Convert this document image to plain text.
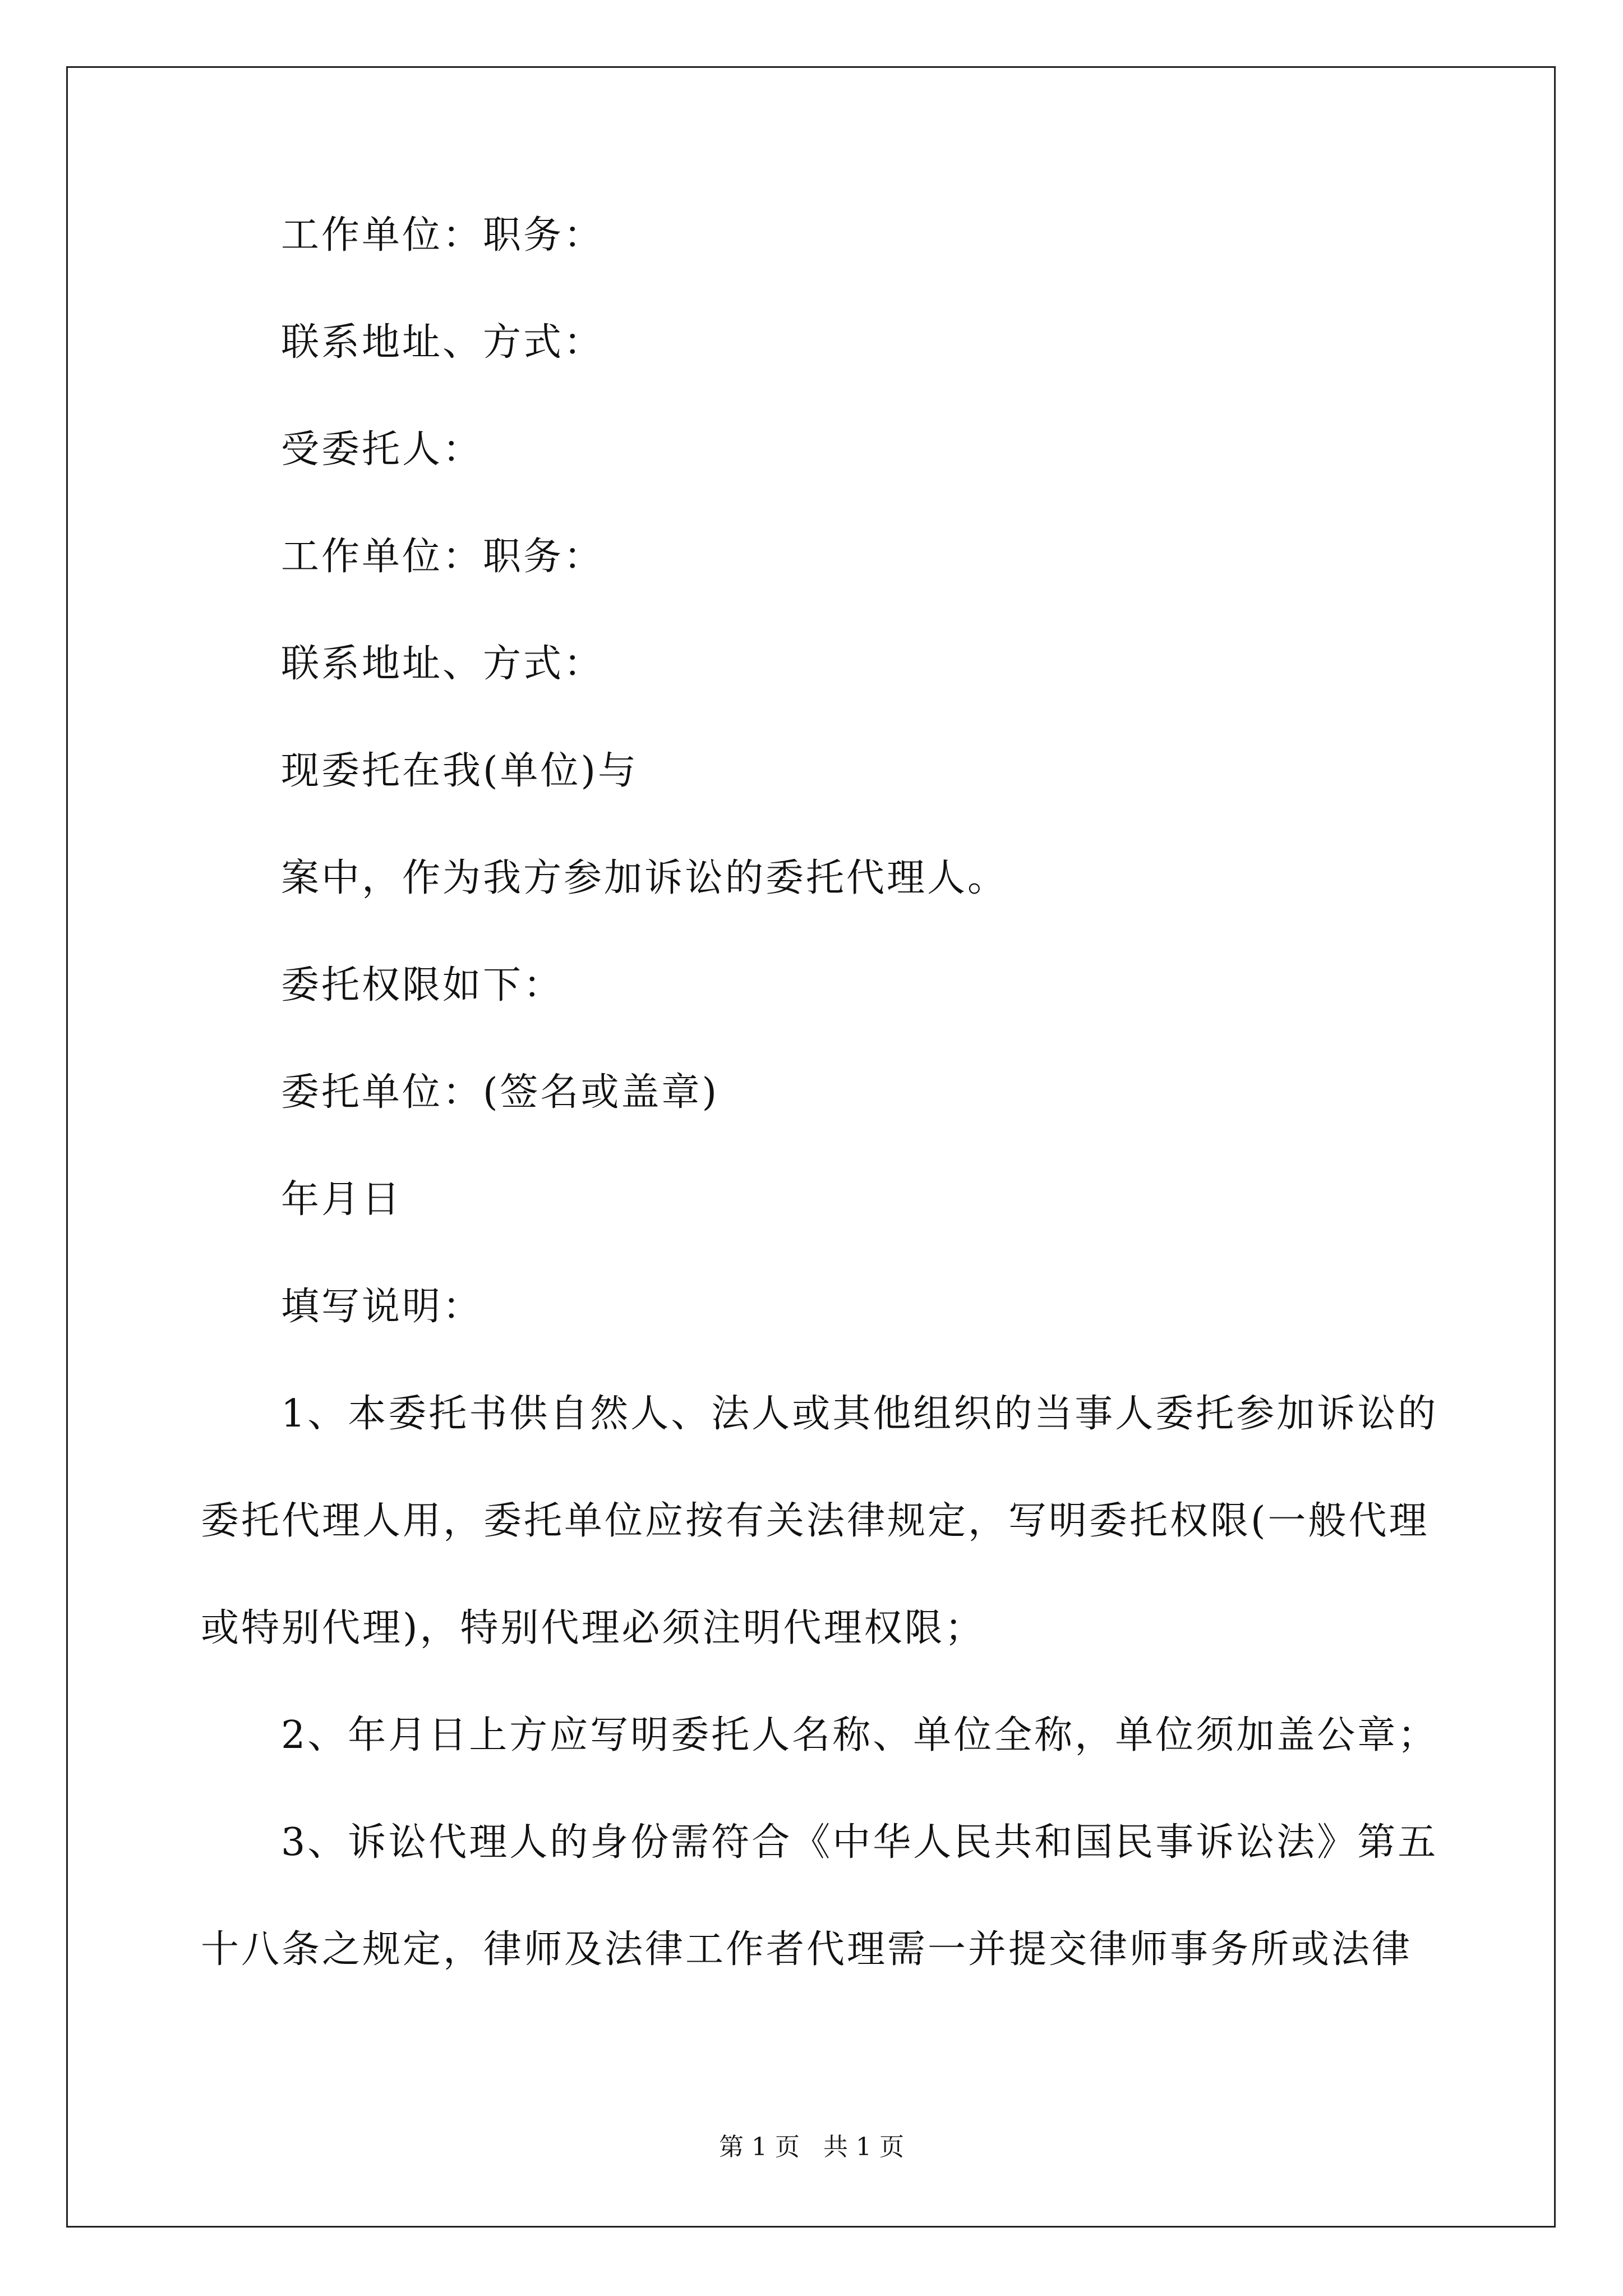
工作单位：职务：

联系地址、方式：

受委托人：

工作单位：职务：

联系地址、方式：

现委托在我(单位)与

案中，作为我方参加诉讼的委托代理人。

委托权限如下：

委托单位：(签名或盖章)

年月日

填写说明：

1、本委托书供自然人、法人或其他组织的当事人委托参加诉讼的

委托代理人用，委托单位应按有关法律规定，写明委托权限(一般代理

或特别代理)，特别代理必须注明代理权限；

2、年月日上方应写明委托人名称、单位全称，单位须加盖公章；

3、诉讼代理人的身份需符合《中华人民共和国民事诉讼法》第五

十八条之规定，律师及法律工作者代理需一并提交律师事务所或法律

第 1 页 共 1 页
